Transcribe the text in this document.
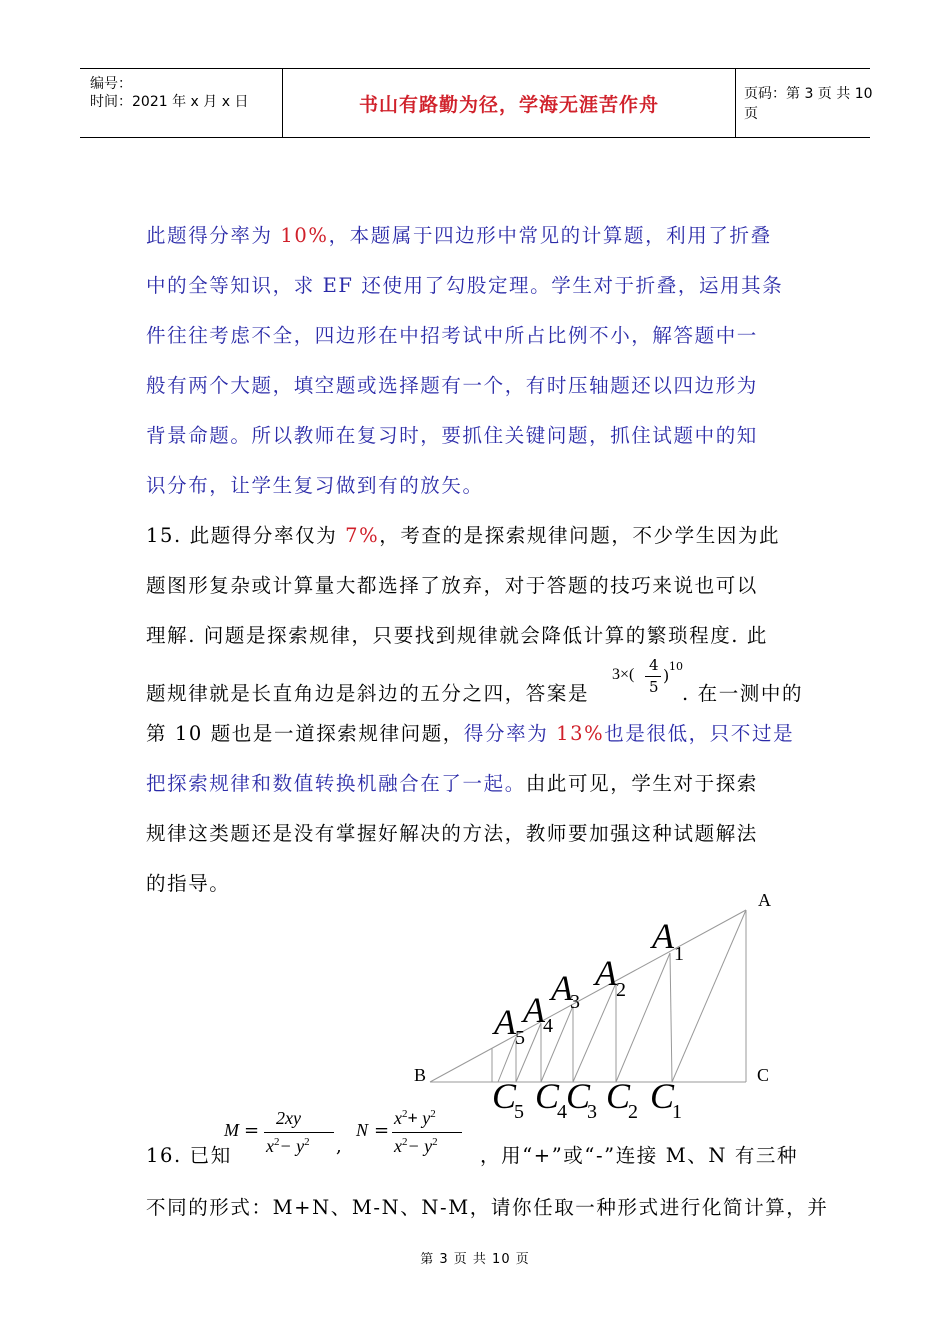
编号：
时间：2021 年 x 月 x 日	书山有路勤为径，学海无涯苦作舟	页码：第 3 页 共 10 页
此题得分率为 10%，本题属于四边形中常见的计算题，利用了折叠
中的全等知识，求 EF 还使用了勾股定理。学生对于折叠，运用其条
件往往考虑不全，四边形在中招考试中所占比例不小，解答题中一
般有两个大题，填空题或选择题有一个，有时压轴题还以四边形为
背景命题。所以教师在复习时，要抓住关键问题，抓住试题中的知
识分布，让学生复习做到有的放矢。
15. 此题得分率仅为 7%，考查的是探索规律问题，不少学生因为此
题图形复杂或计算量大都选择了放弃，对于答题的技巧来说也可以
理解. 问题是探索规律，只要找到规律就会降低计算的繁琐程度. 此
题规律就是长直角边是斜边的五分之四，答案是	. 在一测中的
第 10 题也是一道探索规律问题，得分率为 13%也是很低，只不过是
把探索规律和数值转换机融合在了一起。由此可见，学生对于探索
规律这类题还是没有掌握好解决的方法，教师要加强这种试题解法
的指导。
3×(
4
5
) 10
A
B	C
A
A
A
A
A
1
2
3
4
5
C C C C C
5 4 3 2 1
16. 已知	，用“+”或“-”连接 M、N 有三种
不同的形式：M+N、M-N、N-M，请你任取一种形式进行化简计算，并
M =
2xy
$x^2- y^2$ ,
N =
$x^2+ y^2$
$x^2- y^2$
第 3 页 共 10 页
